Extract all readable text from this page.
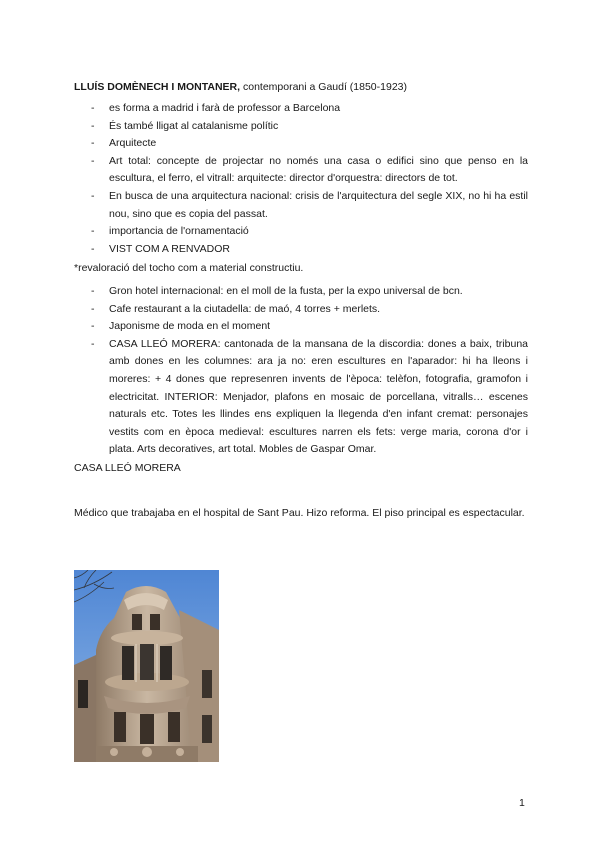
LLUÍS DOMÈNECH I MONTANER, contemporani a Gaudí (1850-1923)
- es forma a madrid i farà de professor a Barcelona
- És també lligat al catalanisme polític
- Arquitecte
- Art total: concepte de projectar no només una casa o edifici sino que penso en la escultura, el ferro, el vitrall: arquitecte: director d'orquestra: directors de tot.
- En busca de una arquitectura nacional: crisis de l'arquitectura del segle XIX, no hi ha estil nou, sino que es copia del passat.
- importancia de l'ornamentació
- VIST COM A RENVADOR

*revaloració del tocho com a material constructiu.

- Gron hotel internacional: en el moll de la fusta, per la expo universal de bcn.
- Cafe restaurant a la ciutadella: de maó, 4 torres + merlets.
- Japonisme de moda en el moment
- CASA LLEÓ MORERA: cantonada de la mansana de la discordia: dones a baix, tribuna amb dones en les columnes: ara ja no: eren escultures en l'aparador: hi ha lleons i moreres: + 4 dones que represenren invents de l'època: telèfon, fotografia, gramofon i electricitat. INTERIOR: Menjador, plafons en mosaic de porcellana, vitralls… escenes naturals etc. Totes les llindes ens expliquen la llegenda d'en infant cremat: personajes vestits com en època medieval: escultures narren els fets: verge maria, corona d'or i plata. Arts decoratives, art total. Mobles de Gaspar Omar.

CASA LLEÓ MORERA

Médico que trabajaba en el hospital de Sant Pau. Hizo reforma. El piso principal es espectacular.

1
